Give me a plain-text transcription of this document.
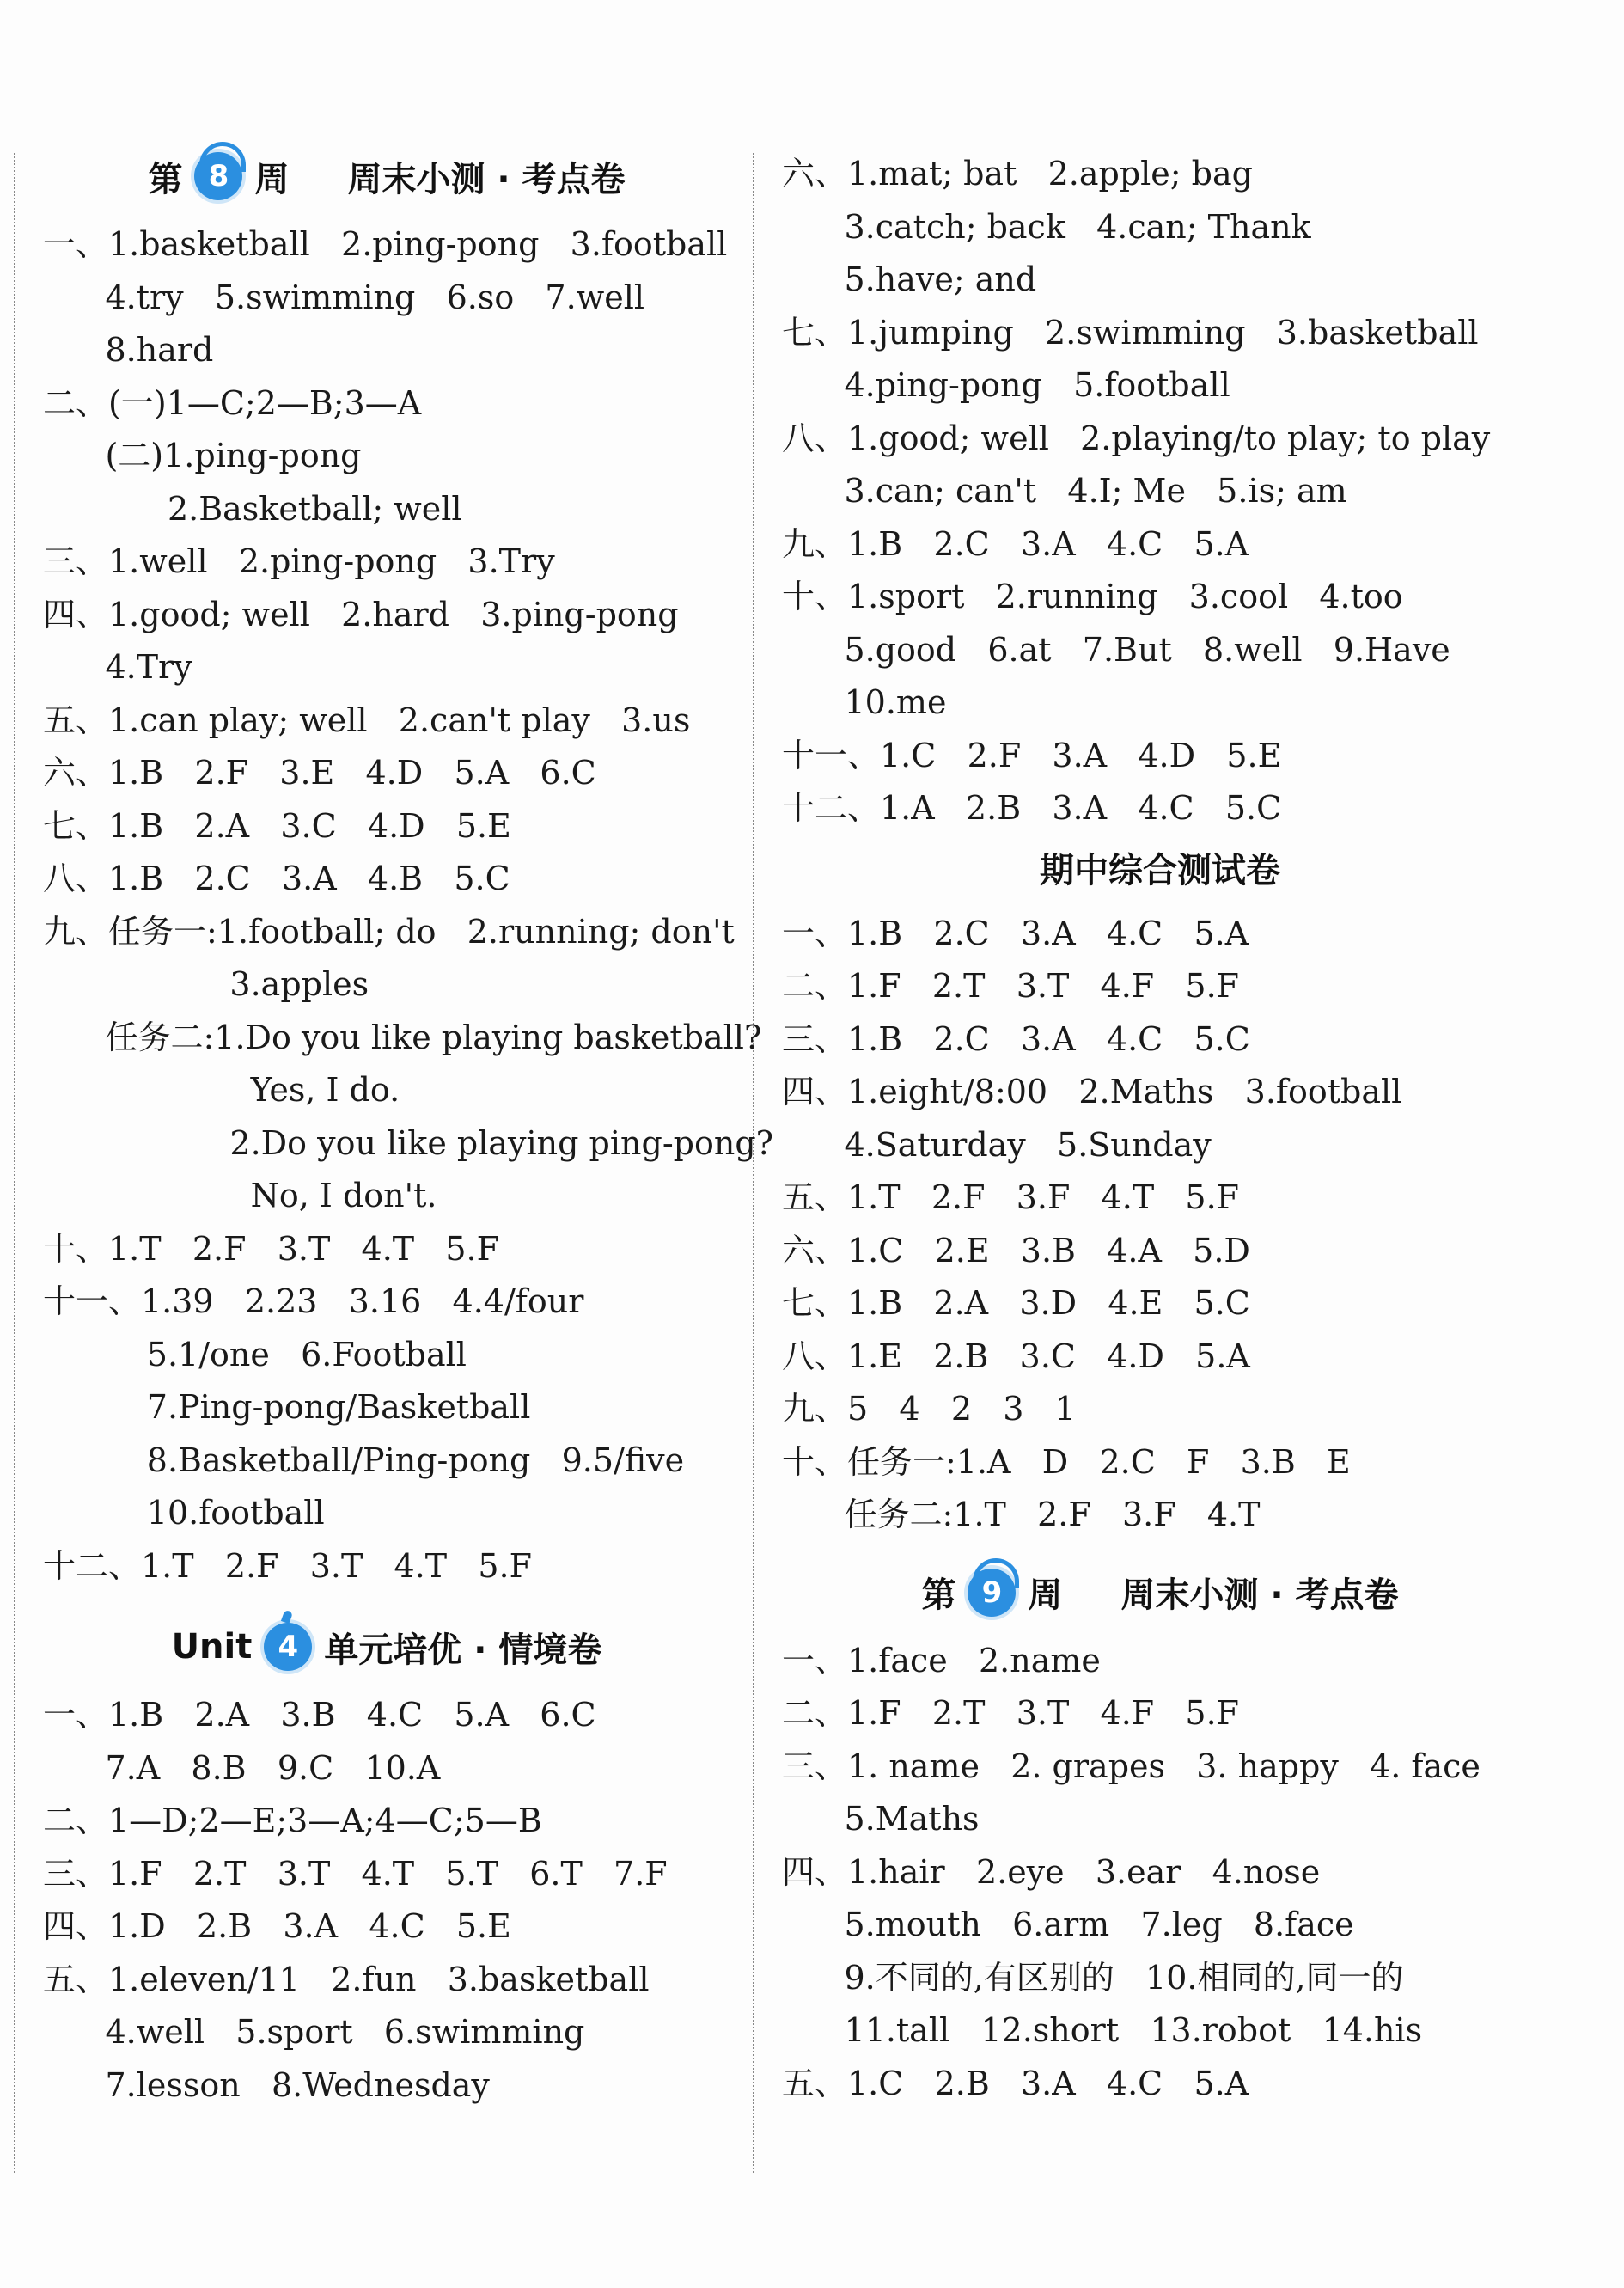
第 8 周 周末小测 · 考点卷
一、1.basketball   2.ping-pong   3.football
4.try   5.swimming   6.so   7.well
8.hard
二、(一)1—C;2—B;3—A
(二)1.ping-pong
2.Basketball; well
三、1.well   2.ping-pong   3.Try
四、1.good; well   2.hard   3.ping-pong
4.Try
五、1.can play; well   2.can't play   3.us
六、1.B   2.F   3.E   4.D   5.A   6.C
七、1.B   2.A   3.C   4.D   5.E
八、1.B   2.C   3.A   4.B   5.C
九、任务一:1.football; do   2.running; don't
3.apples
任务二:1.Do you like playing basketball?
Yes, I do.
2.Do you like playing ping-pong?
No, I don't.
十、1.T   2.F   3.T   4.T   5.F
十一、1.39   2.23   3.16   4.4/four
5.1/one   6.Football
7.Ping-pong/Basketball
8.Basketball/Ping-pong   9.5/five
10.football
十二、1.T   2.F   3.T   4.T   5.F
Unit 4 单元培优 · 情境卷
一、1.B   2.A   3.B   4.C   5.A   6.C
7.A   8.B   9.C   10.A
二、1—D;2—E;3—A;4—C;5—B
三、1.F   2.T   3.T   4.T   5.T   6.T   7.F
四、1.D   2.B   3.A   4.C   5.E
五、1.eleven/11   2.fun   3.basketball
4.well   5.sport   6.swimming
7.lesson   8.Wednesday
六、1.mat; bat   2.apple; bag
3.catch; back   4.can; Thank
5.have; and
七、1.jumping   2.swimming   3.basketball
4.ping-pong   5.football
八、1.good; well   2.playing/to play; to play
3.can; can't   4.I; Me   5.is; am
九、1.B   2.C   3.A   4.C   5.A
十、1.sport   2.running   3.cool   4.too
5.good   6.at   7.But   8.well   9.Have
10.me
十一、1.C   2.F   3.A   4.D   5.E
十二、1.A   2.B   3.A   4.C   5.C
期中综合测试卷
一、1.B   2.C   3.A   4.C   5.A
二、1.F   2.T   3.T   4.F   5.F
三、1.B   2.C   3.A   4.C   5.C
四、1.eight/8:00   2.Maths   3.football
4.Saturday   5.Sunday
五、1.T   2.F   3.F   4.T   5.F
六、1.C   2.E   3.B   4.A   5.D
七、1.B   2.A   3.D   4.E   5.C
八、1.E   2.B   3.C   4.D   5.A
九、5   4   2   3   1
十、任务一:1.A   D   2.C   F   3.B   E
任务二:1.T   2.F   3.F   4.T
第 9 周 周末小测 · 考点卷
一、1.face   2.name
二、1.F   2.T   3.T   4.F   5.F
三、1. name   2. grapes   3. happy   4. face
5.Maths
四、1.hair   2.eye   3.ear   4.nose
5.mouth   6.arm   7.leg   8.face
9.不同的,有区别的   10.相同的,同一的
11.tall   12.short   13.robot   14.his
五、1.C   2.B   3.A   4.C   5.A
